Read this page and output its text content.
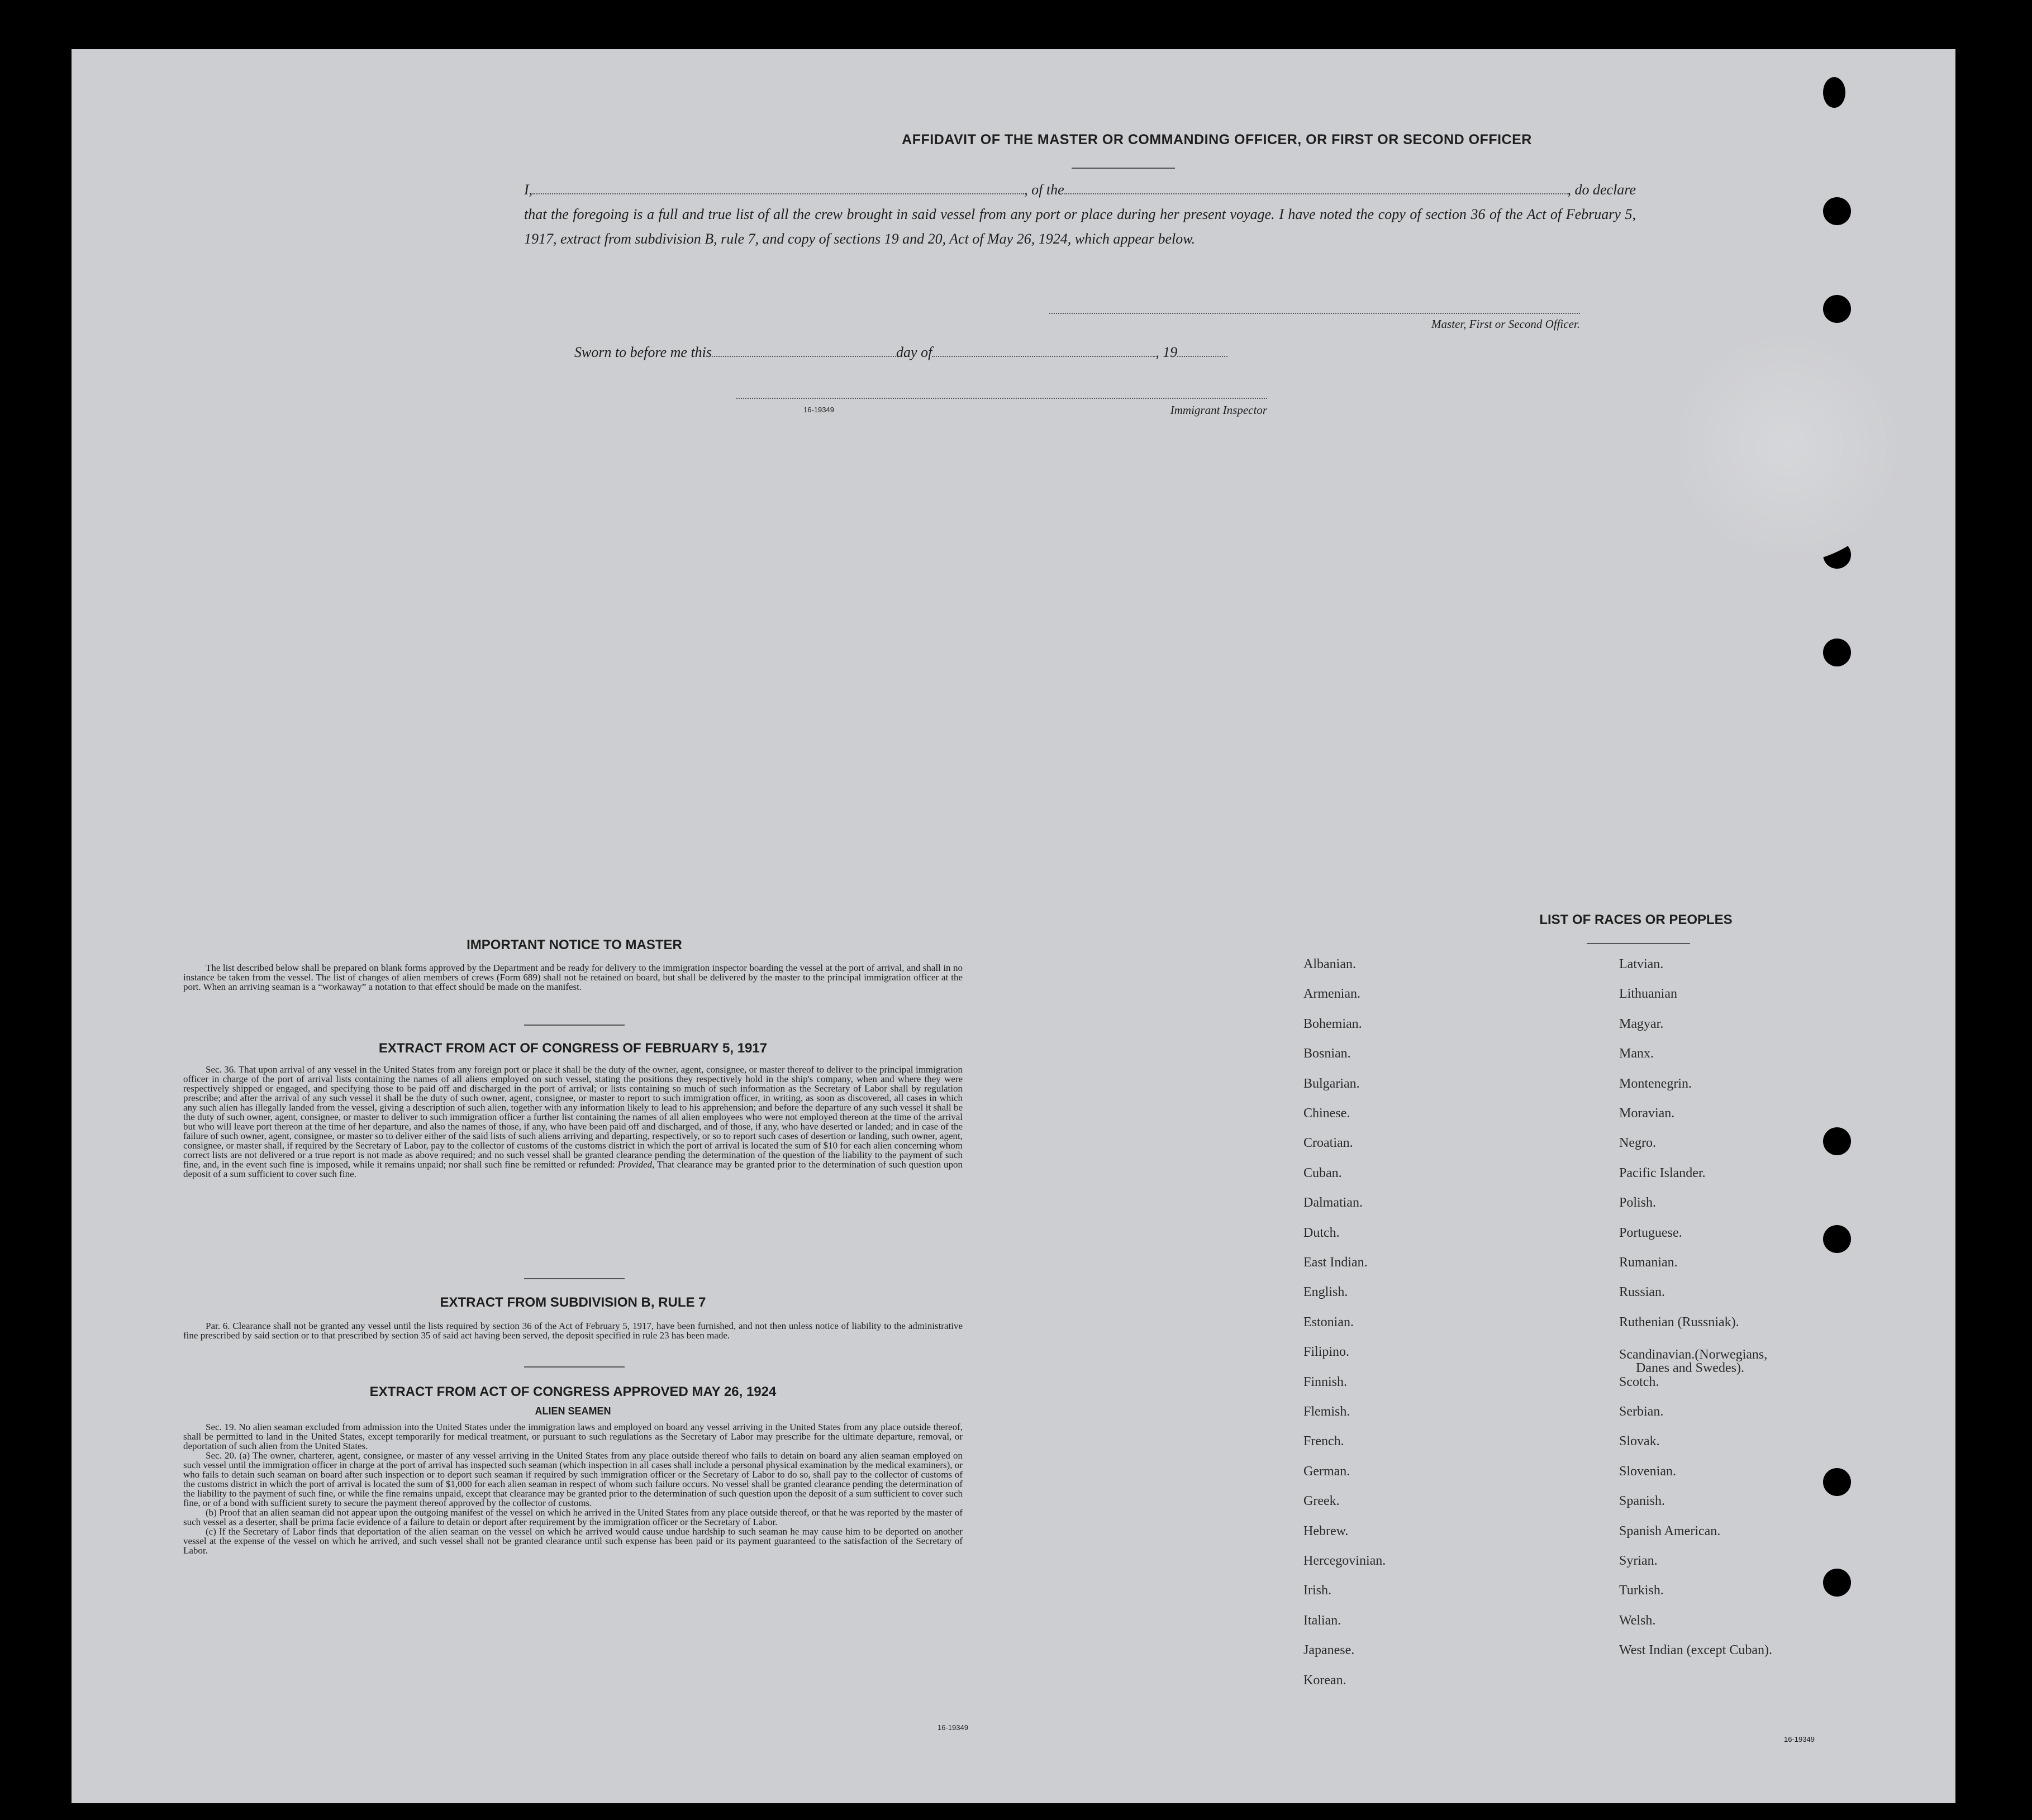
AFFIDAVIT OF THE MASTER OR COMMANDING OFFICER, OR FIRST OR SECOND OFFICER
I,	, of the	, do declare
that the foregoing is a full and true list of all the crew brought in said vessel from any port or place during her present voyage. I have noted the copy of section 36 of the Act of February 5, 1917, extract from subdivision B, rule 7, and copy of sections 19 and 20, Act of May 26, 1924, which appear below.
Master, First or Second Officer.
Sworn to before me this	day of	, 19
16-19349	Immigrant Inspector
IMPORTANT NOTICE TO MASTER
The list described below shall be prepared on blank forms approved by the Department and be ready for delivery to the immigration inspector boarding the vessel at the port of arrival, and shall in no instance be taken from the vessel. The list of changes of alien members of crews (Form 689) shall not be retained on board, but shall be delivered by the master to the principal immigration officer at the port. When an arriving seaman is a “workaway” a notation to that effect should be made on the manifest.
EXTRACT FROM ACT OF CONGRESS OF FEBRUARY 5, 1917
Sec. 36. That upon arrival of any vessel in the United States from any foreign port or place it shall be the duty of the owner, agent, consignee, or master thereof to deliver to the principal immigration officer in charge of the port of arrival lists containing the names of all aliens employed on such vessel, stating the positions they respectively hold in the ship's company, when and where they were respectively shipped or engaged, and specifying those to be paid off and discharged in the port of arrival; or lists containing so much of such information as the Secretary of Labor shall by regulation prescribe; and after the arrival of any such vessel it shall be the duty of such owner, agent, consignee, or master to report to such immigration officer, in writing, as soon as discovered, all cases in which any such alien has illegally landed from the vessel, giving a description of such alien, together with any information likely to lead to his apprehension; and before the departure of any such vessel it shall be the duty of such owner, agent, consignee, or master to deliver to such immigration officer a further list containing the names of all alien employees who were not employed thereon at the time of the arrival but who will leave port thereon at the time of her departure, and also the names of those, if any, who have been paid off and discharged, and of those, if any, who have deserted or landed; and in case of the failure of such owner, agent, consignee, or master so to deliver either of the said lists of such aliens arriving and departing, respectively, or so to report such cases of desertion or landing, such owner, agent, consignee, or master shall, if required by the Secretary of Labor, pay to the collector of customs of the customs district in which the port of arrival is located the sum of $10 for each alien concerning whom correct lists are not delivered or a true report is not made as above required; and no such vessel shall be granted clearance pending the determination of the question of the liability to the payment of such fine, and, in the event such fine is imposed, while it remains unpaid; nor shall such fine be remitted or refunded: Provided, That clearance may be granted prior to the determination of such question upon deposit of a sum sufficient to cover such fine.
EXTRACT FROM SUBDIVISION B, RULE 7
Par. 6. Clearance shall not be granted any vessel until the lists required by section 36 of the Act of February 5, 1917, have been furnished, and not then unless notice of liability to the administrative fine prescribed by said section or to that prescribed by section 35 of said act having been served, the deposit specified in rule 23 has been made.
EXTRACT FROM ACT OF CONGRESS APPROVED MAY 26, 1924
ALIEN SEAMEN
Sec. 19. No alien seaman excluded from admission into the United States under the immigration laws and employed on board any vessel arriving in the United States from any place outside thereof, shall be permitted to land in the United States, except temporarily for medical treatment, or pursuant to such regulations as the Secretary of Labor may prescribe for the ultimate departure, removal, or deportation of such alien from the United States.
Sec. 20. (a) The owner, charterer, agent, consignee, or master of any vessel arriving in the United States from any place outside thereof who fails to detain on board any alien seaman employed on such vessel until the immigration officer in charge at the port of arrival has inspected such seaman (which inspection in all cases shall include a personal physical examination by the medical examiners), or who fails to detain such seaman on board after such inspection or to deport such seaman if required by such immigration officer or the Secretary of Labor to do so, shall pay to the collector of customs of the customs district in which the port of arrival is located the sum of $1,000 for each alien seaman in respect of whom such failure occurs. No vessel shall be granted clearance pending the determination of the liability to the payment of such fine, or while the fine remains unpaid, except that clearance may be granted prior to the determination of such question upon the deposit of a sum sufficient to cover such fine, or of a bond with sufficient surety to secure the payment thereof approved by the collector of customs.
(b) Proof that an alien seaman did not appear upon the outgoing manifest of the vessel on which he arrived in the United States from any place outside thereof, or that he was reported by the master of such vessel as a deserter, shall be prima facie evidence of a failure to detain or deport after requirement by the immigration officer or the Secretary of Labor.
(c) If the Secretary of Labor finds that deportation of the alien seaman on the vessel on which he arrived would cause undue hardship to such seaman he may cause him to be deported on another vessel at the expense of the vessel on which he arrived, and such vessel shall not be granted clearance until such expense has been paid or its payment guaranteed to the satisfaction of the Secretary of Labor.
16-19349
LIST OF RACES OR PEOPLES
16-19349
Albanian.
Armenian.
Bohemian.
Bosnian.
Bulgarian.
Chinese.
Croatian.
Cuban.
Dalmatian.
Dutch.
East Indian.
English.
Estonian.
Filipino.
Finnish.
Flemish.
French.
German.
Greek.
Hebrew.
Hercegovinian.
Irish.
Italian.
Japanese.
Korean.
Latvian.
Lithuanian
Magyar.
Manx.
Montenegrin.
Moravian.
Negro.
Pacific Islander.
Polish.
Portuguese.
Rumanian.
Russian.
Ruthenian (Russniak).
Scandinavian.(Norwegians,
Danes and Swedes).
Scotch.
Serbian.
Slovak.
Slovenian.
Spanish.
Spanish American.
Syrian.
Turkish.
Welsh.
West Indian (except Cuban).
